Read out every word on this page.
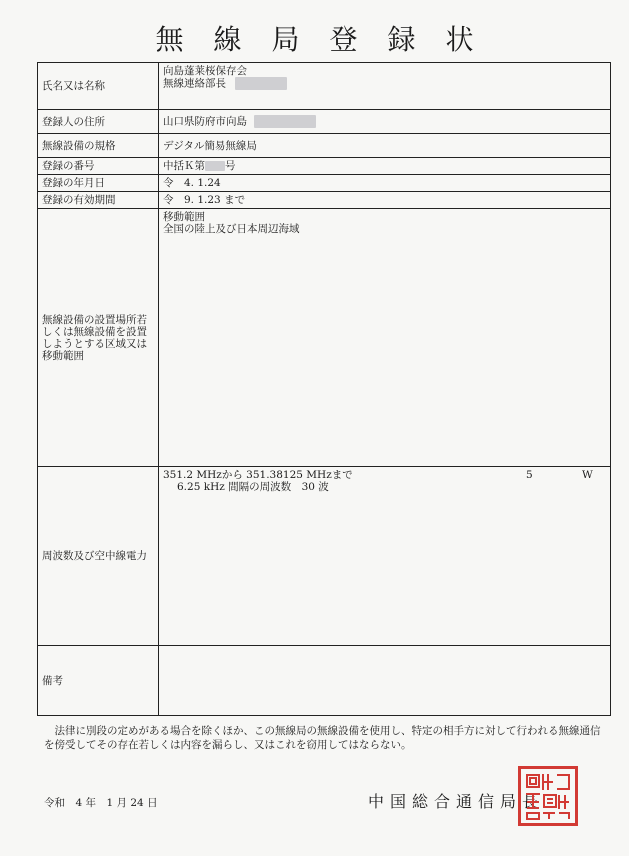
無線局登録状
氏名又は名称	向島蓬莱桜保存会
無線連絡部長

登録人の住所	山口県防府市向島
無線設備の規格	デジタル簡易無線局
登録の番号	中括Ｋ第 号
登録の年月日	令　4. 1.24
登録の有効期間	令　9. 1.23 まで
無線設備の設置場所若しくは無線設備を設置しようとする区域又は移動範囲	移動範囲
全国の陸上及び日本周辺海域

周波数及び空中線電力	5 W
351.2 MHzから 351.38125 MHzまで
6.25 kHz 間隔の周波数　30 波

備考	
法律に別段の定めがある場合を除くほか、この無線局の無線設備を使用し、特定の相手方に対して行われる無線通信を傍受してその存在若しくは内容を漏らし、又はこれを窃用してはならない。
令和　4 年　1 月 24 日	中国総合通信局長
